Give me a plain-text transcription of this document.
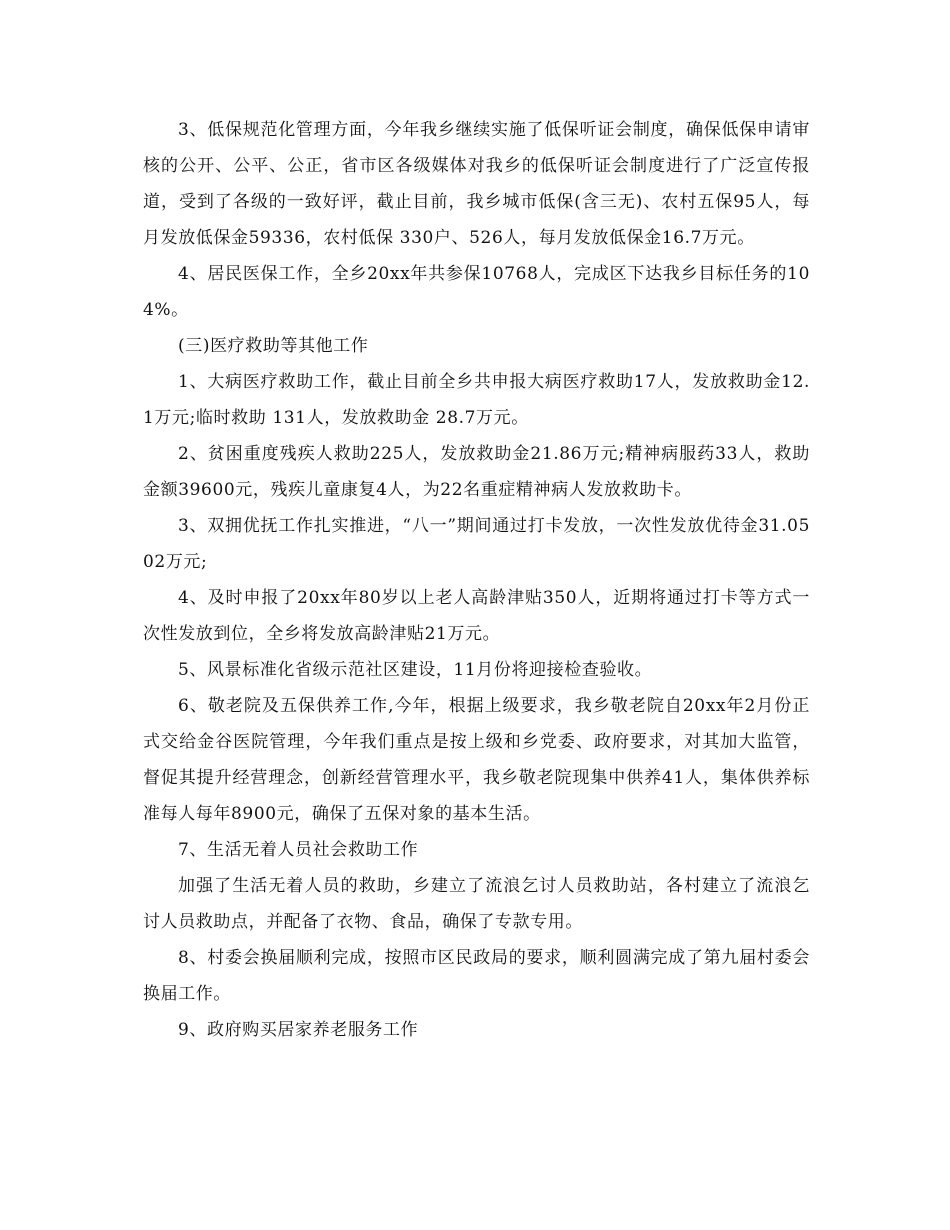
3、低保规范化管理方面，今年我乡继续实施了低保听证会制度，确保低保申请审核的公开、公平、公正，省市区各级媒体对我乡的低保听证会制度进行了广泛宣传报道，受到了各级的一致好评，截止目前，我乡城市低保(含三无)、农村五保95人，每月发放低保金59336，农村低保 330户、526人，每月发放低保金16.7万元。

4、居民医保工作，全乡20xx年共参保10768人，完成区下达我乡目标任务的104%。

(三)医疗救助等其他工作

1、大病医疗救助工作，截止目前全乡共申报大病医疗救助17人，发放救助金12.1万元;临时救助 131人，发放救助金 28.7万元。

2、贫困重度残疾人救助225人，发放救助金21.86万元;精神病服药33人，救助金额39600元，残疾儿童康复4人，为22名重症精神病人发放救助卡。

3、双拥优抚工作扎实推进，“八一”期间通过打卡发放，一次性发放优待金31.0502万元;

4、及时申报了20xx年80岁以上老人高龄津贴350人，近期将通过打卡等方式一次性发放到位，全乡将发放高龄津贴21万元。

5、风景标准化省级示范社区建设，11月份将迎接检查验收。

6、敬老院及五保供养工作,今年，根据上级要求，我乡敬老院自20xx年2月份正式交给金谷医院管理，今年我们重点是按上级和乡党委、政府要求，对其加大监管，督促其提升经营理念，创新经营管理水平，我乡敬老院现集中供养41人，集体供养标准每人每年8900元，确保了五保对象的基本生活。

7、生活无着人员社会救助工作

加强了生活无着人员的救助，乡建立了流浪乞讨人员救助站，各村建立了流浪乞讨人员救助点，并配备了衣物、食品，确保了专款专用。

8、村委会换届顺利完成，按照市区民政局的要求，顺利圆满完成了第九届村委会换届工作。

9、政府购买居家养老服务工作
